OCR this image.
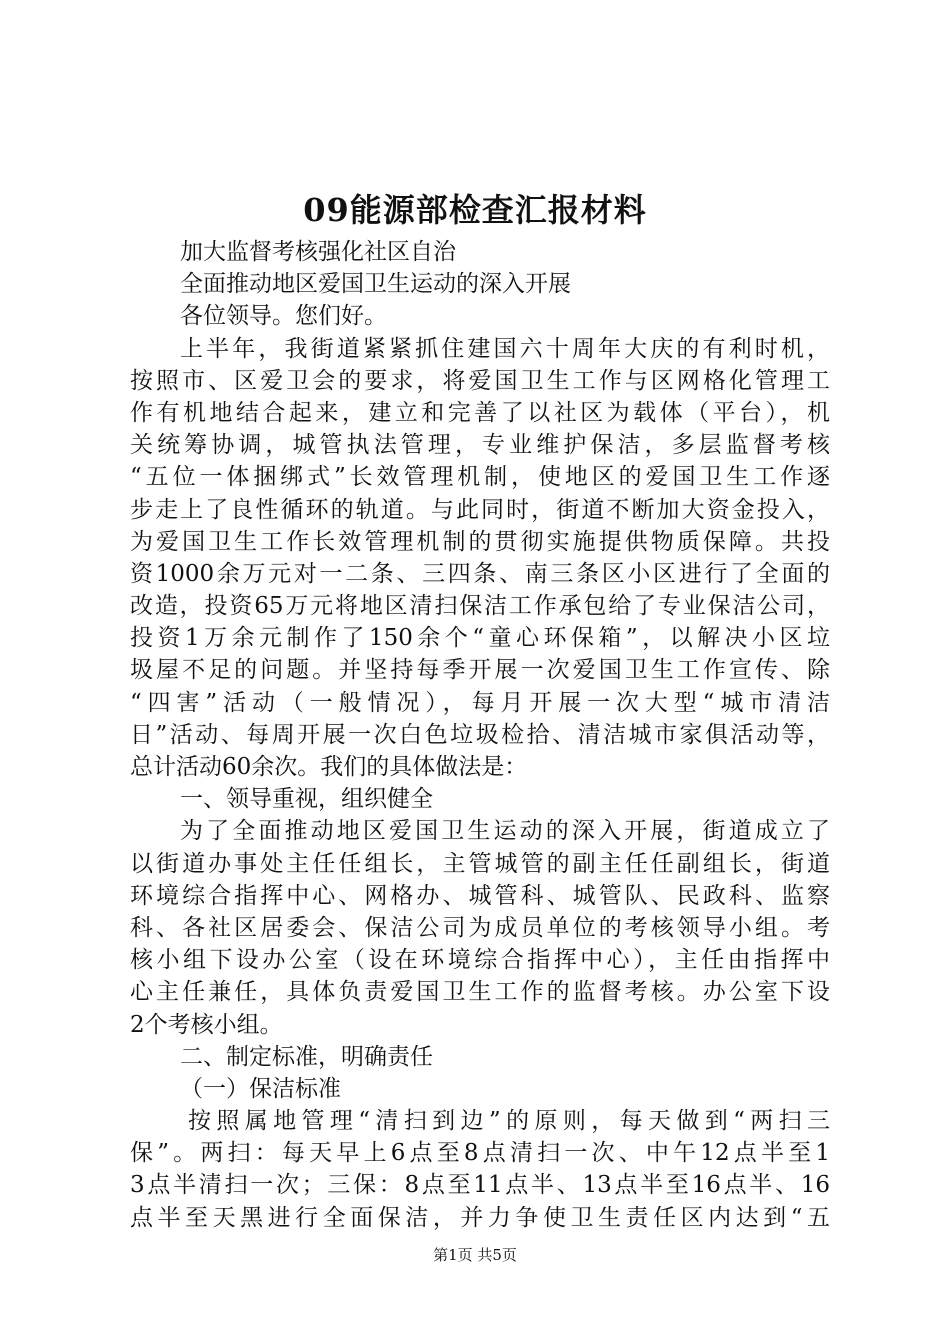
09能源部检查汇报材料
加大监督考核强化社区自治
全面推动地区爱国卫生运动的深入开展
各位领导。您们好。
上半年，我街道紧紧抓住建国六十周年大庆的有利时机，
按照市、区爱卫会的要求，将爱国卫生工作与区网格化管理工
作有机地结合起来，建立和完善了以社区为载体（平台），机
关统筹协调，城管执法管理，专业维护保洁，多层监督考核
“五位一体捆绑式”长效管理机制，使地区的爱国卫生工作逐
步走上了良性循环的轨道。与此同时，街道不断加大资金投入，
为爱国卫生工作长效管理机制的贯彻实施提供物质保障。共投
资1000余万元对一二条、三四条、南三条区小区进行了全面的
改造，投资65万元将地区清扫保洁工作承包给了专业保洁公司，
投资1万余元制作了150余个“童心环保箱”，以解决小区垃
圾屋不足的问题。并坚持每季开展一次爱国卫生工作宣传、除
“四害”活动（一般情况），每月开展一次大型“城市清洁
日”活动、每周开展一次白色垃圾检拾、清洁城市家俱活动等，
总计活动60余次。我们的具体做法是：
一、领导重视，组织健全
为了全面推动地区爱国卫生运动的深入开展，街道成立了
以街道办事处主任任组长，主管城管的副主任任副组长，街道
环境综合指挥中心、网格办、城管科、城管队、民政科、监察
科、各社区居委会、保洁公司为成员单位的考核领导小组。考
核小组下设办公室（设在环境综合指挥中心），主任由指挥中
心主任兼任，具体负责爱国卫生工作的监督考核。办公室下设
2个考核小组。
二、制定标准，明确责任
（一）保洁标准
按照属地管理“清扫到边”的原则，每天做到“两扫三
保”。两扫：每天早上6点至8点清扫一次、中午12点半至1
3点半清扫一次；三保：8点至11点半、13点半至16点半、16
点半至天黑进行全面保洁，并力争使卫生责任区内达到“五
第1页 共5页
